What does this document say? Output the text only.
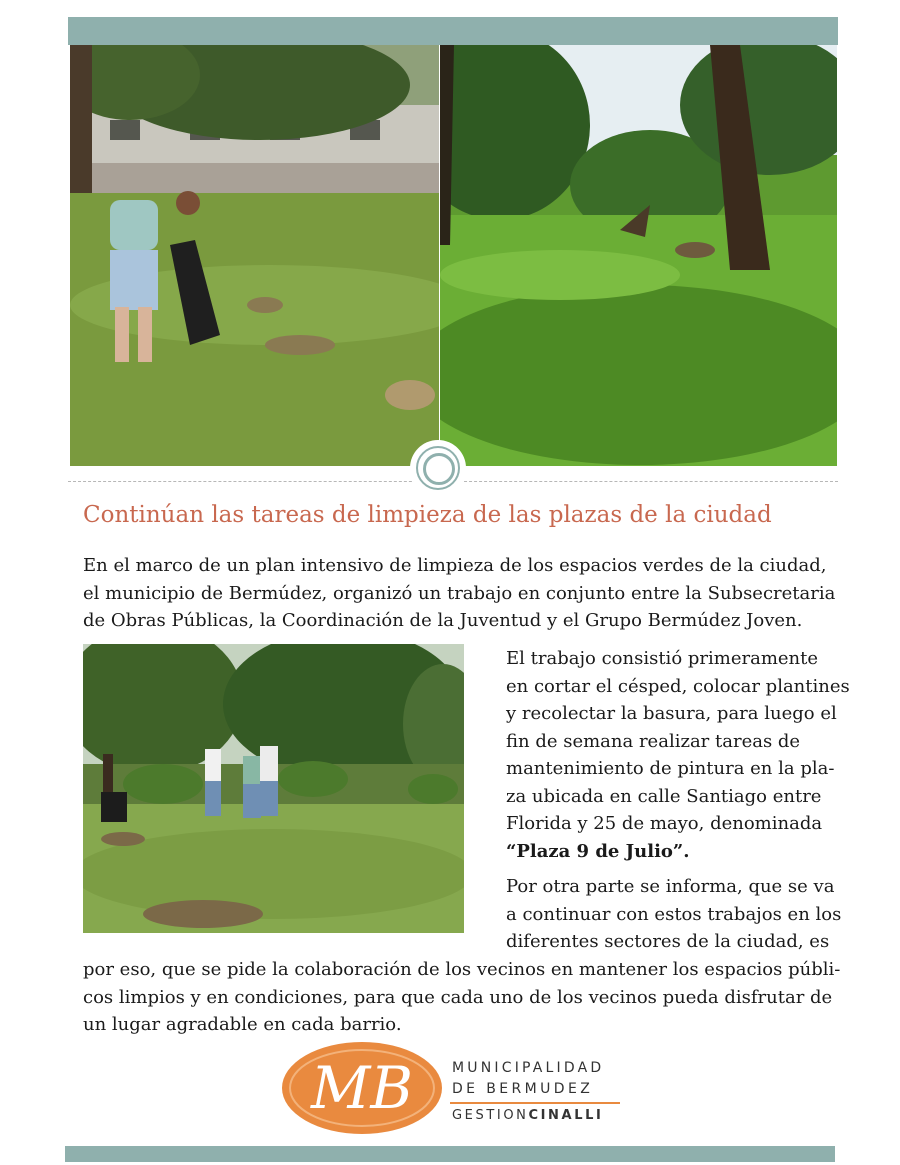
Continúan las tareas de limpieza de las plazas de la ciudad

En el marco de un plan intensivo de limpieza de los espacios verdes de la ciudad, el municipio de Bermúdez, organizó un trabajo en conjunto entre la Subsecretaria de Obras Públicas, la Coordinación de la Juventud y el Grupo Bermúdez Joven.

El trabajo consistió primeramente

en cortar el césped, colocar plantines

y recolectar la basura, para luego el

fin de semana realizar tareas de

mantenimiento de pintura en la pla-

za ubicada en calle Santiago entre

Florida y 25 de mayo, denominada

“Plaza 9 de Julio”.

Por otra parte se informa, que se va

a continuar con estos trabajos en los

diferentes sectores de la ciudad, es

por eso, que se pide la colaboración de los vecinos en mantener los espacios públi-

cos limpios y en condiciones, para que cada uno de los vecinos pueda disfrutar de

un lugar agradable en cada barrio.

MB	MUNICIPALIDAD
DE BERMUDEZ
GESTIONCINALLI
